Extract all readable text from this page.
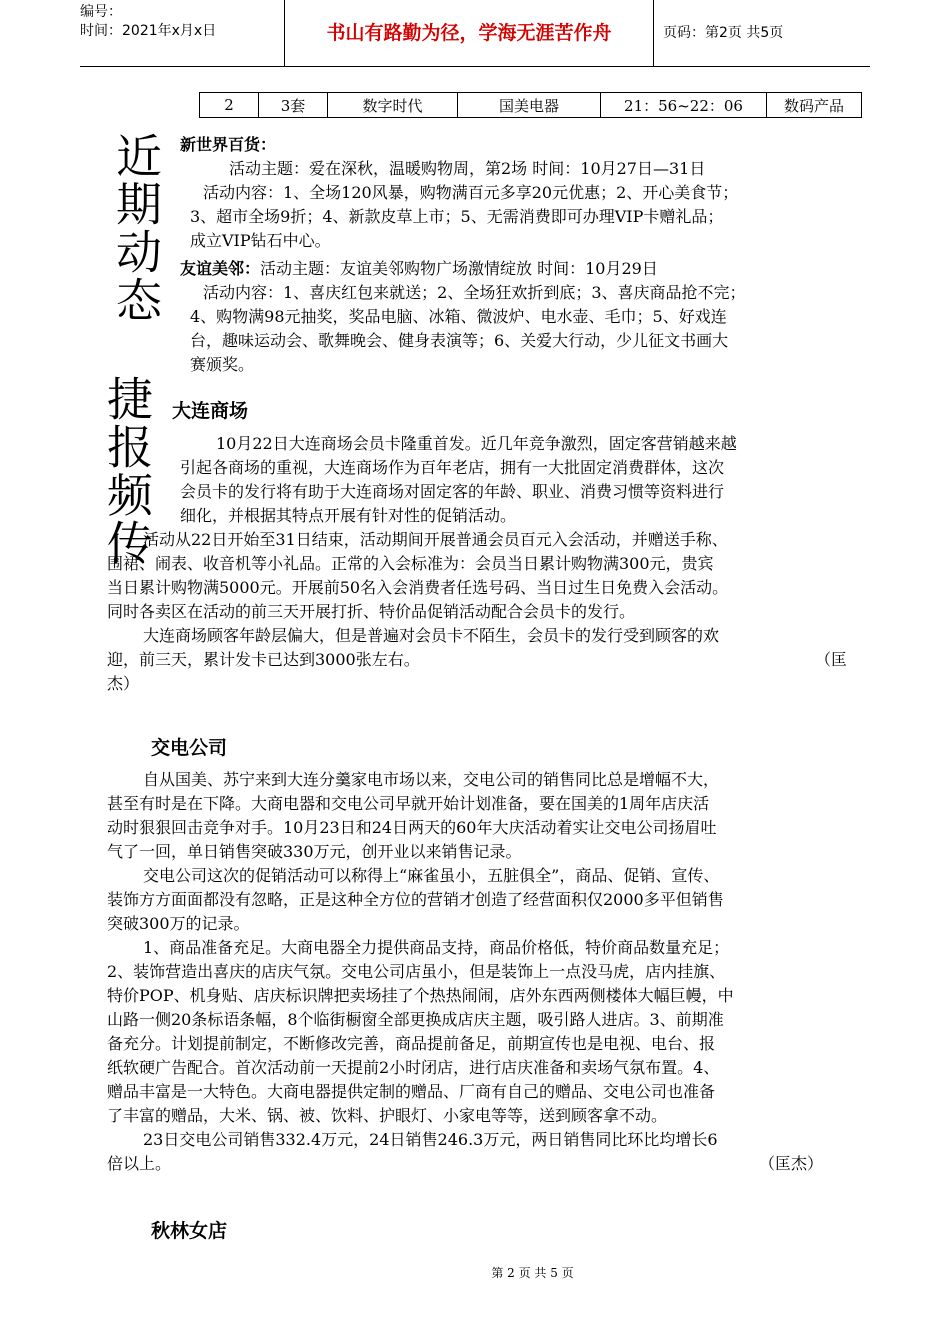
编号：
时间：2021年x月x日	书山有路勤为径，学海无涯苦作舟	页码：第2页 共5页
2	3套	数字时代	国美电器	21：56~22：06	数码产品
近期动态
捷报频传
新世界百货：
活动主题：爱在深秋，温暖购物周，第2场 时间：10月27日—31日
活动内容：1、全场120风暴，购物满百元多享20元优惠；2、开心美食节；
3、超市全场9折；4、新款皮草上市；5、无需消费即可办理VIP卡赠礼品；
成立VIP钻石中心。
友谊美邻：活动主题：友谊美邻购物广场激情绽放 时间：10月29日
活动内容：1、喜庆红包来就送；2、全场狂欢折到底；3、喜庆商品抢不完；
4、购物满98元抽奖，奖品电脑、冰箱、微波炉、电水壶、毛巾；5、好戏连
台，趣味运动会、歌舞晚会、健身表演等；6、关爱大行动，少儿征文书画大
赛颁奖。
大连商场
10月22日大连商场会员卡隆重首发。近几年竞争激烈，固定客营销越来越
引起各商场的重视，大连商场作为百年老店，拥有一大批固定消费群体，这次
会员卡的发行将有助于大连商场对固定客的年龄、职业、消费习惯等资料进行
细化，并根据其特点开展有针对性的促销活动。
活动从22日开始至31日结束，活动期间开展普通会员百元入会活动，并赠送手称、
围裙、闹表、收音机等小礼品。正常的入会标准为：会员当日累计购物满300元，贵宾
当日累计购物满5000元。开展前50名入会消费者任选号码、当日过生日免费入会活动。
同时各卖区在活动的前三天开展打折、特价品促销活动配合会员卡的发行。
大连商场顾客年龄层偏大，但是普遍对会员卡不陌生，会员卡的发行受到顾客的欢
迎，前三天，累计发卡已达到3000张左右。	（匡
杰）
交电公司
自从国美、苏宁来到大连分羹家电市场以来，交电公司的销售同比总是增幅不大，
甚至有时是在下降。大商电器和交电公司早就开始计划准备，要在国美的1周年店庆活
动时狠狠回击竞争对手。10月23日和24日两天的60年大庆活动着实让交电公司扬眉吐
气了一回，单日销售突破330万元，创开业以来销售记录。
交电公司这次的促销活动可以称得上“麻雀虽小，五脏俱全”，商品、促销、宣传、
装饰方方面面都没有忽略，正是这种全方位的营销才创造了经营面积仅2000多平但销售
突破300万的记录。
1、商品准备充足。大商电器全力提供商品支持，商品价格低，特价商品数量充足；
2、装饰营造出喜庆的店庆气氛。交电公司店虽小，但是装饰上一点没马虎，店内挂旗、
特价POP、机身贴、店庆标识牌把卖场挂了个热热闹闹，店外东西两侧楼体大幅巨幔，中
山路一侧20条标语条幅，8个临街橱窗全部更换成店庆主题，吸引路人进店。3、前期准
备充分。计划提前制定，不断修改完善，商品提前备足，前期宣传也是电视、电台、报
纸软硬广告配合。首次活动前一天提前2小时闭店，进行店庆准备和卖场气氛布置。4、
赠品丰富是一大特色。大商电器提供定制的赠品、厂商有自己的赠品、交电公司也准备
了丰富的赠品，大米、锅、被、饮料、护眼灯、小家电等等，送到顾客拿不动。
23日交电公司销售332.4万元，24日销售246.3万元，两日销售同比环比均增长6
倍以上。	（匡杰）
秋林女店
第 2 页 共 5 页
